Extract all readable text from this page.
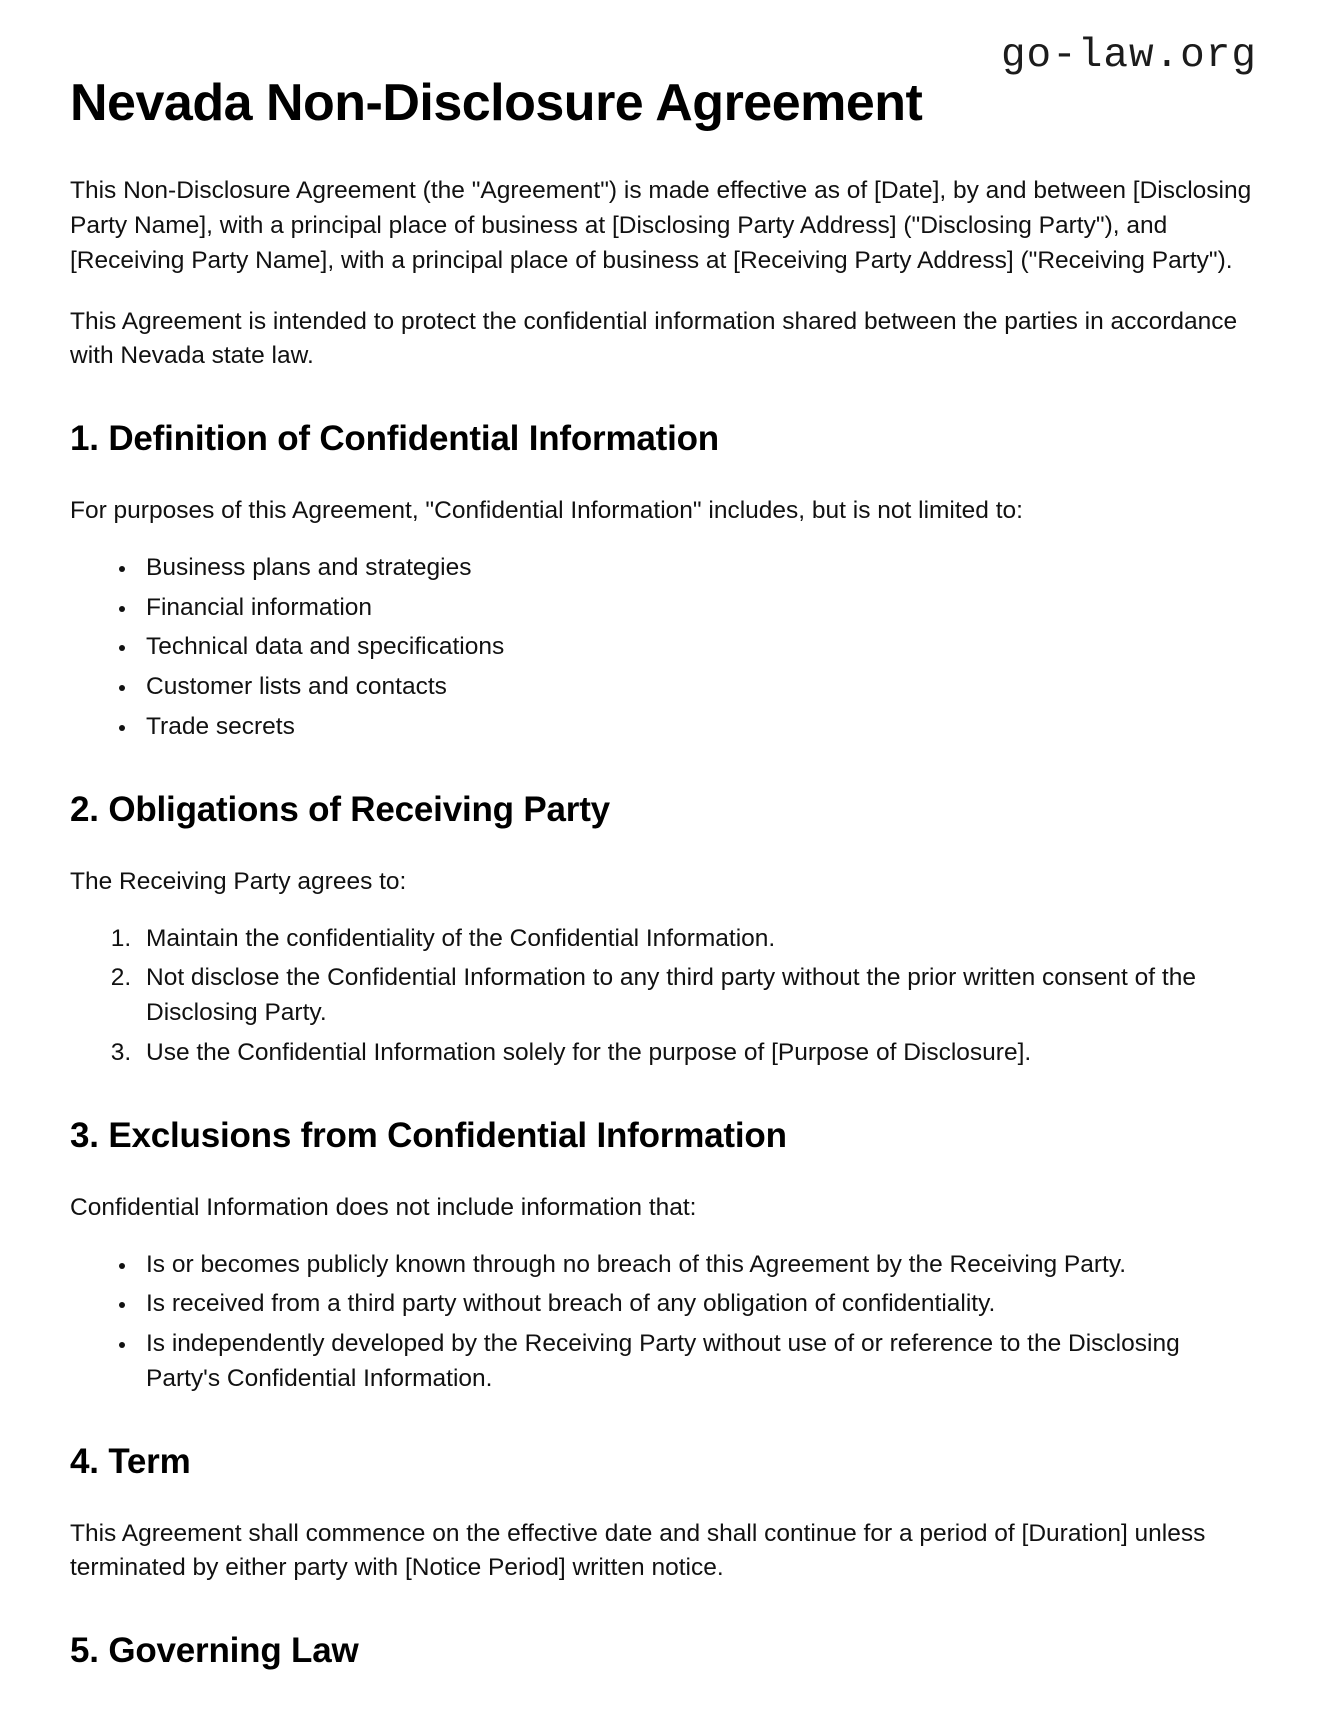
go-law.org
Nevada Non-Disclosure Agreement

This Non-Disclosure Agreement (the "Agreement") is made effective as of [Date], by and between [Disclosing Party Name], with a principal place of business at [Disclosing Party Address] ("Disclosing Party"), and [Receiving Party Name], with a principal place of business at [Receiving Party Address] ("Receiving Party").

This Agreement is intended to protect the confidential information shared between the parties in accordance with Nevada state law.

1. Definition of Confidential Information

For purposes of this Agreement, "Confidential Information" includes, but is not limited to:

• Business plans and strategies
• Financial information
• Technical data and specifications
• Customer lists and contacts
• Trade secrets
2. Obligations of Receiving Party

The Receiving Party agrees to:

1. Maintain the confidentiality of the Confidential Information.
2. Not disclose the Confidential Information to any third party without the prior written consent of the Disclosing Party.
3. Use the Confidential Information solely for the purpose of [Purpose of Disclosure].
3. Exclusions from Confidential Information

Confidential Information does not include information that:

• Is or becomes publicly known through no breach of this Agreement by the Receiving Party.
• Is received from a third party without breach of any obligation of confidentiality.
• Is independently developed by the Receiving Party without use of or reference to the Disclosing Party's Confidential Information.
4. Term

This Agreement shall commence on the effective date and shall continue for a period of [Duration] unless terminated by either party with [Notice Period] written notice.

5. Governing Law
